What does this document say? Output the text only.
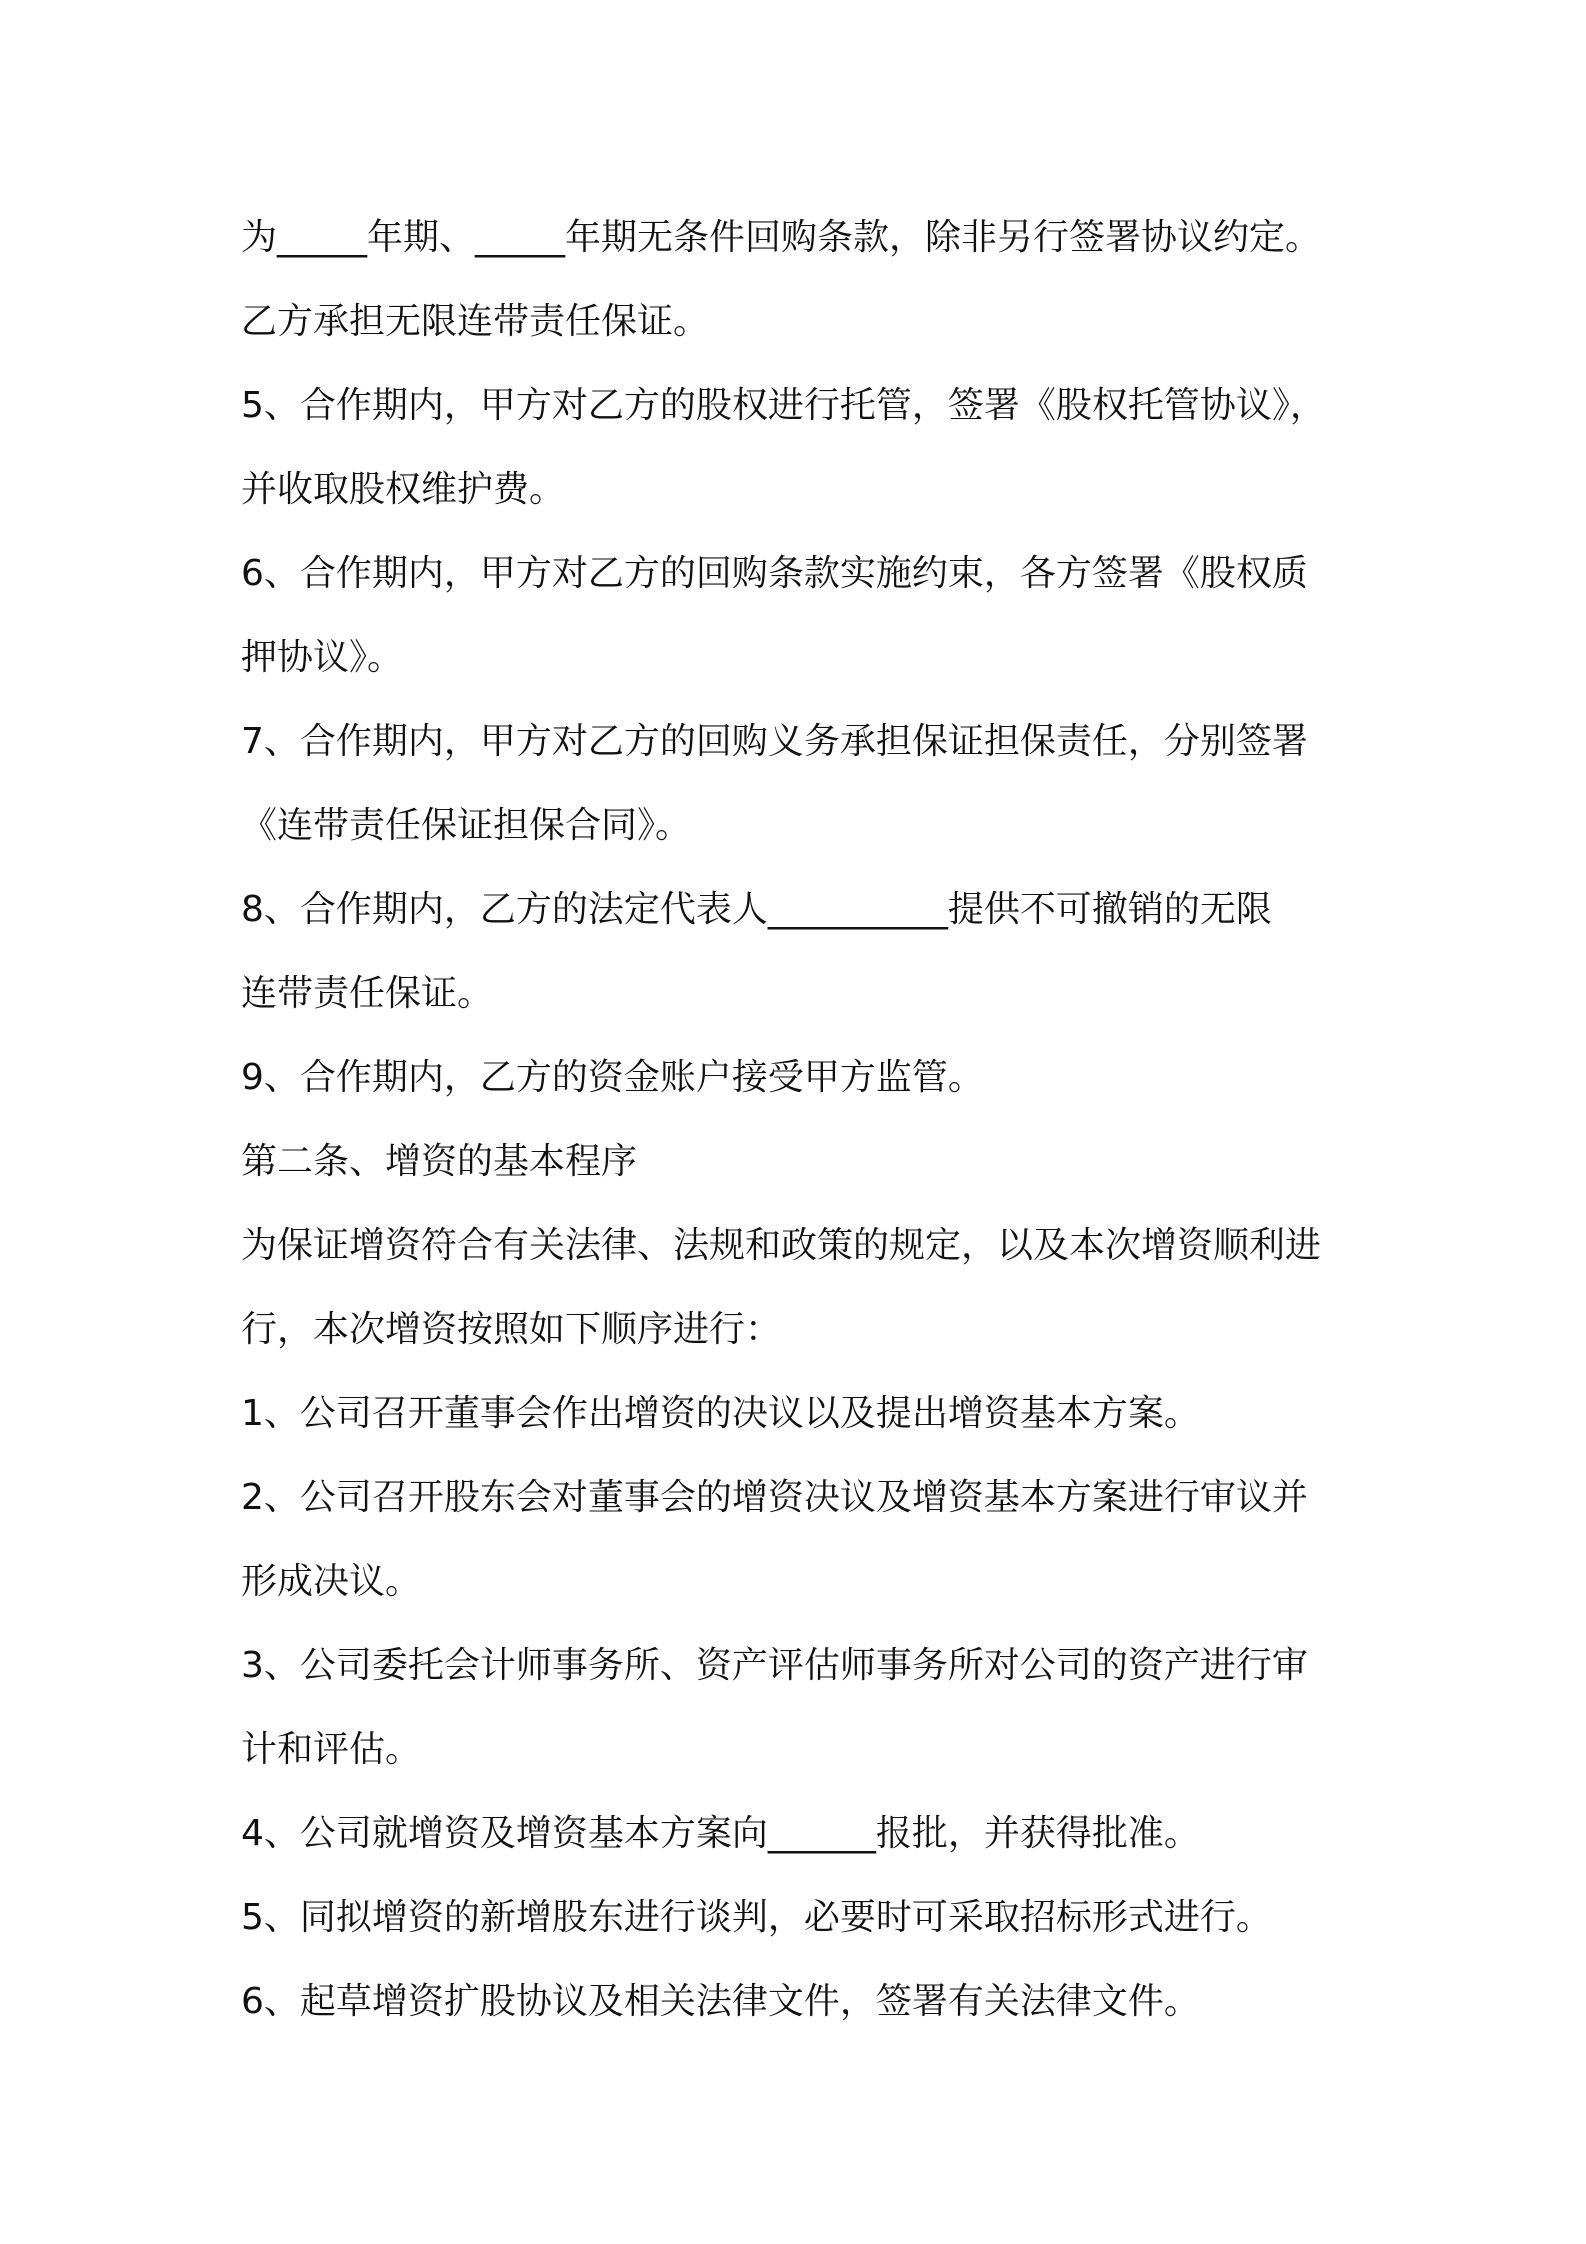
为_____年期、_____年期无条件回购条款，除非另行签署协议约定。
乙方承担无限连带责任保证。
5、合作期内，甲方对乙方的股权进行托管，签署《股权托管协议》，
并收取股权维护费。
6、合作期内，甲方对乙方的回购条款实施约束，各方签署《股权质
押协议》。
7、合作期内，甲方对乙方的回购义务承担保证担保责任，分别签署
《连带责任保证担保合同》。
8、合作期内，乙方的法定代表人__________提供不可撤销的无限
连带责任保证。
9、合作期内，乙方的资金账户接受甲方监管。
第二条、增资的基本程序
为保证增资符合有关法律、法规和政策的规定，以及本次增资顺利进
行，本次增资按照如下顺序进行：
1、公司召开董事会作出增资的决议以及提出增资基本方案。
2、公司召开股东会对董事会的增资决议及增资基本方案进行审议并
形成决议。
3、公司委托会计师事务所、资产评估师事务所对公司的资产进行审
计和评估。
4、公司就增资及增资基本方案向______报批，并获得批准。
5、同拟增资的新增股东进行谈判，必要时可采取招标形式进行。
6、起草增资扩股协议及相关法律文件，签署有关法律文件。
